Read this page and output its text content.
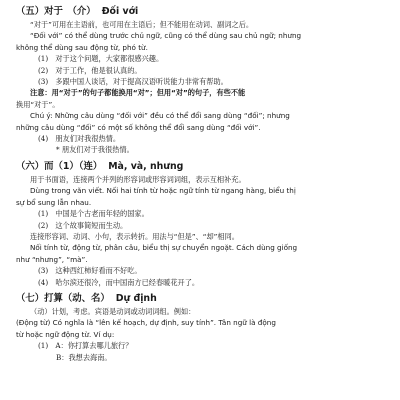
（五）对于　（介） Đối với
“对于”可用在主语前，也可用在主语后；但不能用在动词、副词之后。
“Đối với” có thể dùng trước chủ ngữ, cũng có thể dùng sau chủ ngữ; nhưng
không thể dùng sau động từ, phó từ.
(1)　对于这个问题，大家都很感兴趣。
(2)　对于工作，他是很认真的。
(3)　多跟中国人谈话，对于提高汉语听说能力非常有帮助。
注意：用“对于”的句子都能换用“对”；但用“对”的句子，有些不能
换用“对于”。
Chú ý: Những câu dùng “đối với” đều có thể đổi sang dùng “đối”; nhưng
những câu dùng “đối” có một số không thể đổi sang dùng “đối với”.
(4)　朋友们对我很热情。
* 朋友们对于我很热情。
（六）而（1）（连） Mà, và, nhưng
用于书面语，连接两个并列的形容词或形容词词组，表示互相补充。
Dùng trong văn viết. Nối hai tính từ hoặc ngữ tính từ ngang hàng, biểu thị
sự bổ sung lẫn nhau.
(1)　中国是个古老而年轻的国家。
(2)　这个故事简短而生动。
连接形容词、动词、小句，表示转折。用法与“但是”、“却”相同。
Nối tính từ, động từ, phân câu, biểu thị sự chuyển ngoặt. Cách dùng giống
như “nhưng”, “mà”.
(3)　这种西红柿好看而不好吃。
(4)　哈尔滨还很冷，而中国南方已经春暖花开了。
（七）打算（动、名） Dự định
（动）计划，考虑。宾语是动词或动词词组。例如：
(Động từ) Có nghĩa là “lên kế hoạch, dự định, suy tính”. Tân ngữ là động
từ hoặc ngữ động từ. Ví dụ:
(1)　A：你打算去哪儿旅行？
B：我想去海南。
